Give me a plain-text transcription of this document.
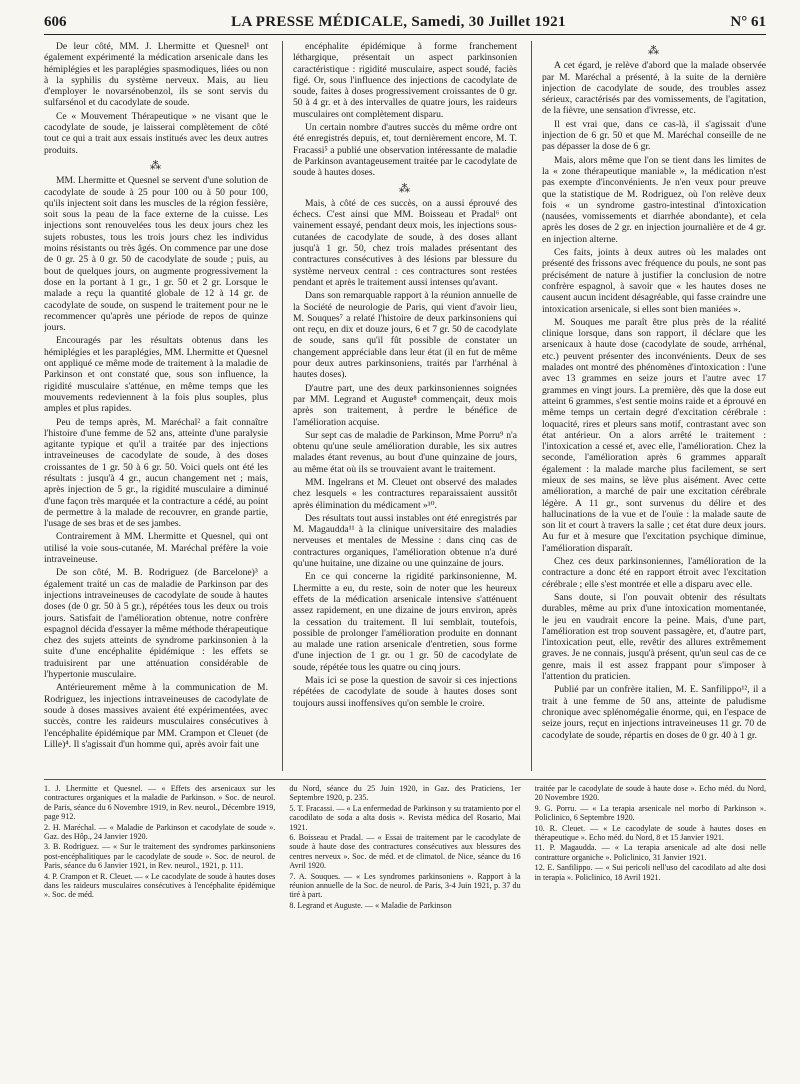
606	LA PRESSE MÉDICALE, Samedi, 30 Juillet 1921	N° 61

De leur côté, MM. J. Lhermitte et Quesnel¹ ont également expérimenté la médication arsenicale dans les hémiplégies et les paraplégies spasmodiques, liées ou non à la syphilis du système nerveux. Mais, au lieu d'employer le novarsénobenzol, ils se sont servis du sulfarsénol et du cacodylate de soude.

Ce « Mouvement Thérapeutique » ne visant que le cacodylate de soude, je laisserai complètement de côté tout ce qui a trait aux essais institués avec les deux autres produits.

⁂

MM. Lhermitte et Quesnel se servent d'une solution de cacodylate de soude à 25 pour 100 ou à 50 pour 100, qu'ils injectent soit dans les muscles de la région fessière, soit sous la peau de la face externe de la cuisse. Les injections sont renouvelées tous les deux jours chez les sujets robustes, tous les trois jours chez les individus moins résistants ou très âgés. On commence par une dose de 0 gr. 25 à 0 gr. 50 de cacodylate de soude ; puis, au bout de quelques jours, on augmente progressivement la dose en la portant à 1 gr., 1 gr. 50 et 2 gr. Lorsque le malade a reçu la quantité globale de 12 à 14 gr. de cacodylate de soude, on suspend le traitement pour ne le recommencer qu'après une période de repos de quinze jours.

Encouragés par les résultats obtenus dans les hémiplégies et les paraplégies, MM. Lhermitte et Quesnel ont appliqué ce même mode de traitement à la maladie de Parkinson et ont constaté que, sous son influence, la rigidité musculaire s'atténue, en même temps que les mouvements redeviennent à la fois plus souples, plus amples et plus rapides.

Peu de temps après, M. Maréchal² a fait connaître l'histoire d'une femme de 52 ans, atteinte d'une paralysie agitante typique et qu'il a traitée par des injections intraveineuses de cacodylate de soude, à des doses croissantes de 1 gr. 50 à 6 gr. 50. Voici quels ont été les résultats : jusqu'à 4 gr., aucun changement net ; mais, après injection de 5 gr., la rigidité musculaire a diminué d'une façon très marquée et la contracture a cédé, au point de permettre à la malade de recouvrer, en grande partie, l'usage de ses bras et de ses jambes.

Contrairement à MM. Lhermitte et Quesnel, qui ont utilisé la voie sous-cutanée, M. Maréchal préfère la voie intraveineuse.

De son côté, M. B. Rodriguez (de Barcelone)³ a également traité un cas de maladie de Parkinson par des injections intraveineuses de cacodylate de soude à hautes doses (de 0 gr. 50 à 5 gr.), répétées tous les deux ou trois jours. Satisfait de l'amélioration obtenue, notre confrère espagnol décida d'essayer la même méthode thérapeutique chez des sujets atteints de syndrome parkinsonien à la suite d'une encéphalite épidémique : les effets se traduisirent par une atténuation considérable de l'hypertonie musculaire.

Antérieurement même à la communication de M. Rodriguez, les injections intraveineuses de cacodylate de soude à doses massives avaient été expérimentées, avec succès, contre les raideurs musculaires consécutives à l'encéphalite épidémique par MM. Crampon et Cleuet (de Lille)⁴. Il s'agissait d'un homme qui, après avoir fait une

encéphalite épidémique à forme franchement léthargique, présentait un aspect parkinsonien caractéristique : rigidité musculaire, aspect soudé, faciès figé. Or, sous l'influence des injections de cacodylate de soude, faites à doses progressivement croissantes de 0 gr. 50 à 4 gr. et à des intervalles de quatre jours, les raideurs musculaires ont complètement disparu.

Un certain nombre d'autres succès du même ordre ont été enregistrés depuis, et, tout dernièrement encore, M. T. Fracassi⁵ a publié une observation intéressante de maladie de Parkinson avantageusement traitée par le cacodylate de soude à hautes doses.

⁂

Mais, à côté de ces succès, on a aussi éprouvé des échecs. C'est ainsi que MM. Boisseau et Pradal⁶ ont vainement essayé, pendant deux mois, les injections sous-cutanées de cacodylate de soude, à des doses allant jusqu'à 1 gr. 50, chez trois malades présentant des contractures consécutives à des lésions par blessure du système nerveux central : ces contractures sont restées pendant et après le traitement aussi intenses qu'avant.

Dans son remarquable rapport à la réunion annuelle de la Société de neurologie de Paris, qui vient d'avoir lieu, M. Souques⁷ a relaté l'histoire de deux parkinsoniens qui ont reçu, en dix et douze jours, 6 et 7 gr. 50 de cacodylate de soude, sans qu'il fût possible de constater un changement appréciable dans leur état (il en fut de même pour deux autres parkinsoniens, traités par l'arrhénal à hautes doses).

D'autre part, une des deux parkinsoniennes soignées par MM. Legrand et Auguste⁸ commençait, deux mois après son traitement, à perdre le bénéfice de l'amélioration acquise.

Sur sept cas de maladie de Parkinson, Mme Porru⁹ n'a obtenu qu'une seule amélioration durable, les six autres malades étant revenus, au bout d'une quinzaine de jours, au même état où ils se trouvaient avant le traitement.

MM. Ingelrans et M. Cleuet ont observé des malades chez lesquels « les contractures reparaissaient aussitôt après élimination du médicament »¹⁰.

Des résultats tout aussi instables ont été enregistrés par M. Magaudda¹¹ à la clinique universitaire des maladies nerveuses et mentales de Messine : dans cinq cas de contractures organiques, l'amélioration obtenue n'a duré qu'une huitaine, une dizaine ou une quinzaine de jours.

En ce qui concerne la rigidité parkinsonienne, M. Lhermitte a eu, du reste, soin de noter que les heureux effets de la médication arsenicale intensive s'atténuent assez rapidement, en une dizaine de jours environ, après la cessation du traitement. Il lui semblait, toutefois, possible de prolonger l'amélioration produite en donnant au malade une ration arsenicale d'entretien, sous forme d'une injection de 1 gr. ou 1 gr. 50 de cacodylate de soude, répétée tous les quatre ou cinq jours.

Mais ici se pose la question de savoir si ces injections répétées de cacodylate de soude à hautes doses sont toujours aussi inoffensives qu'on semble le croire.

⁂

A cet égard, je relève d'abord que la malade observée par M. Maréchal a présenté, à la suite de la dernière injection de cacodylate de soude, des troubles assez sérieux, caractérisés par des vomissements, de l'agitation, de la fièvre, une sensation d'ivresse, etc.

Il est vrai que, dans ce cas-là, il s'agissait d'une injection de 6 gr. 50 et que M. Maréchal conseille de ne pas dépasser la dose de 6 gr.

Mais, alors même que l'on se tient dans les limites de la « zone thérapeutique maniable », la médication n'est pas exempte d'inconvénients. Je n'en veux pour preuve que la statistique de M. Rodriguez, où l'on relève deux fois « un syndrome gastro-intestinal d'intoxication (nausées, vomissements et diarrhée abondante), et cela après les doses de 2 gr. en injection journalière et de 4 gr. en injection alterne.

Ces faits, joints à deux autres où les malades ont présenté des frissons avec fréquence du pouls, ne sont pas précisément de nature à justifier la conclusion de notre confrère espagnol, à savoir que « les hautes doses ne causent aucun incident désagréable, qui fasse craindre une intoxication arsenicale, si elles sont bien maniées ».

M. Souques me paraît être plus près de la réalité clinique lorsque, dans son rapport, il déclare que les arsenicaux à haute dose (cacodylate de soude, arrhénal, etc.) peuvent présenter des inconvénients. Deux de ses malades ont montré des phénomènes d'intoxication : l'une avec 13 grammes en seize jours et l'autre avec 17 grammes en vingt jours. La première, dès que la dose eut atteint 6 grammes, s'est sentie moins raide et a éprouvé en même temps un certain degré d'excitation cérébrale : loquacité, rires et pleurs sans motif, contrastant avec son état antérieur. On a alors arrêté le traitement : l'intoxication a cessé et, avec elle, l'amélioration. Chez la seconde, l'amélioration après 6 grammes apparaît également : la malade marche plus facilement, se sert mieux de ses mains, se lève plus aisément. Avec cette amélioration, a marché de pair une excitation cérébrale légère. A 11 gr., sont survenus du délire et des hallucinations de la vue et de l'ouïe : la malade saute de son lit et court à travers la salle ; cet état dure deux jours. Au fur et à mesure que l'excitation psychique diminue, l'amélioration disparaît.

Chez ces deux parkinsoniennes, l'amélioration de la contracture a donc été en rapport étroit avec l'excitation cérébrale ; elle s'est montrée et elle a disparu avec elle.

Sans doute, si l'on pouvait obtenir des résultats durables, même au prix d'une intoxication momentanée, le jeu en vaudrait encore la peine. Mais, d'une part, l'amélioration est trop souvent passagère, et, d'autre part, l'intoxication peut, elle, revêtir des allures extrêmement graves. Je ne connais, jusqu'à présent, qu'un seul cas de ce genre, mais il est assez frappant pour s'imposer à l'attention du praticien.

Publié par un confrère italien, M. E. Sanfilippo¹², il a trait à une femme de 50 ans, atteinte de paludisme chronique avec splénomégalie énorme, qui, en l'espace de seize jours, reçut en injections intraveineuses 11 gr. 70 de cacodylate de soude, répartis en doses de 0 gr. 40 à 1 gr.

1. J. Lhermitte et Quesnel. — « Effets des arsenicaux sur les contractures organiques et la maladie de Parkinson. » Soc. de neurol. de Paris, séance du 6 Novembre 1919, in Rev. neurol., Décembre 1919, page 912.
2. H. Maréchal. — « Maladie de Parkinson et cacodylate de soude ». Gaz. des Hôp., 24 Janvier 1920.
3. B. Rodriguez. — « Sur le traitement des syndromes parkinsoniens post-encéphalitiques par le cacodylate de soude ». Soc. de neurol. de Paris, séance du 6 Janvier 1921, in Rev. neurol., 1921, p. 111.
4. P. Crampon et R. Cleuet. — « Le cacodylate de soude à hautes doses dans les raideurs musculaires consécutives à l'encéphalite épidémique ». Soc. de méd.
du Nord, séance du 25 Juin 1920, in Gaz. des Praticiens, 1er Septembre 1920, p. 235.
5. T. Fracassi. — « La enfermedad de Parkinson y su tratamiento por el cacodilato de soda a alta dosis ». Revista médica del Rosario, Mai 1921.
6. Boisseau et Pradal. — « Essai de traitement par le cacodylate de soude à haute dose des contractures consécutives aux blessures des centres nerveux ». Soc. de méd. et de climatol. de Nice, séance du 16 Avril 1920.
7. A. Souques. — « Les syndromes parkinsoniens ». Rapport à la réunion annuelle de la Soc. de neurol. de Paris, 3-4 Juin 1921, p. 37 du tiré à part.
8. Legrand et Auguste. — « Maladie de Parkinson
traitée par le cacodylate de soude à haute dose ». Echo méd. du Nord, 20 Novembre 1920.
9. G. Porru. — « La terapia arsenicale nel morbo di Parkinson ». Policlinico, 6 Septembre 1920.
10. R. Cleuet. — « Le cacodylate de soude à hautes doses en thérapeutique ». Echo méd. du Nord, 8 et 15 Janvier 1921.
11. P. Magaudda. — « La terapia arsenicale ad alte dosi nelle contratture organiche ». Policlinico, 31 Janvier 1921.
12. E. Sanfilippo. — « Sui pericoli nell'uso del cacodilato ad alte dosi in terapia ». Policlinico, 18 Avril 1921.
